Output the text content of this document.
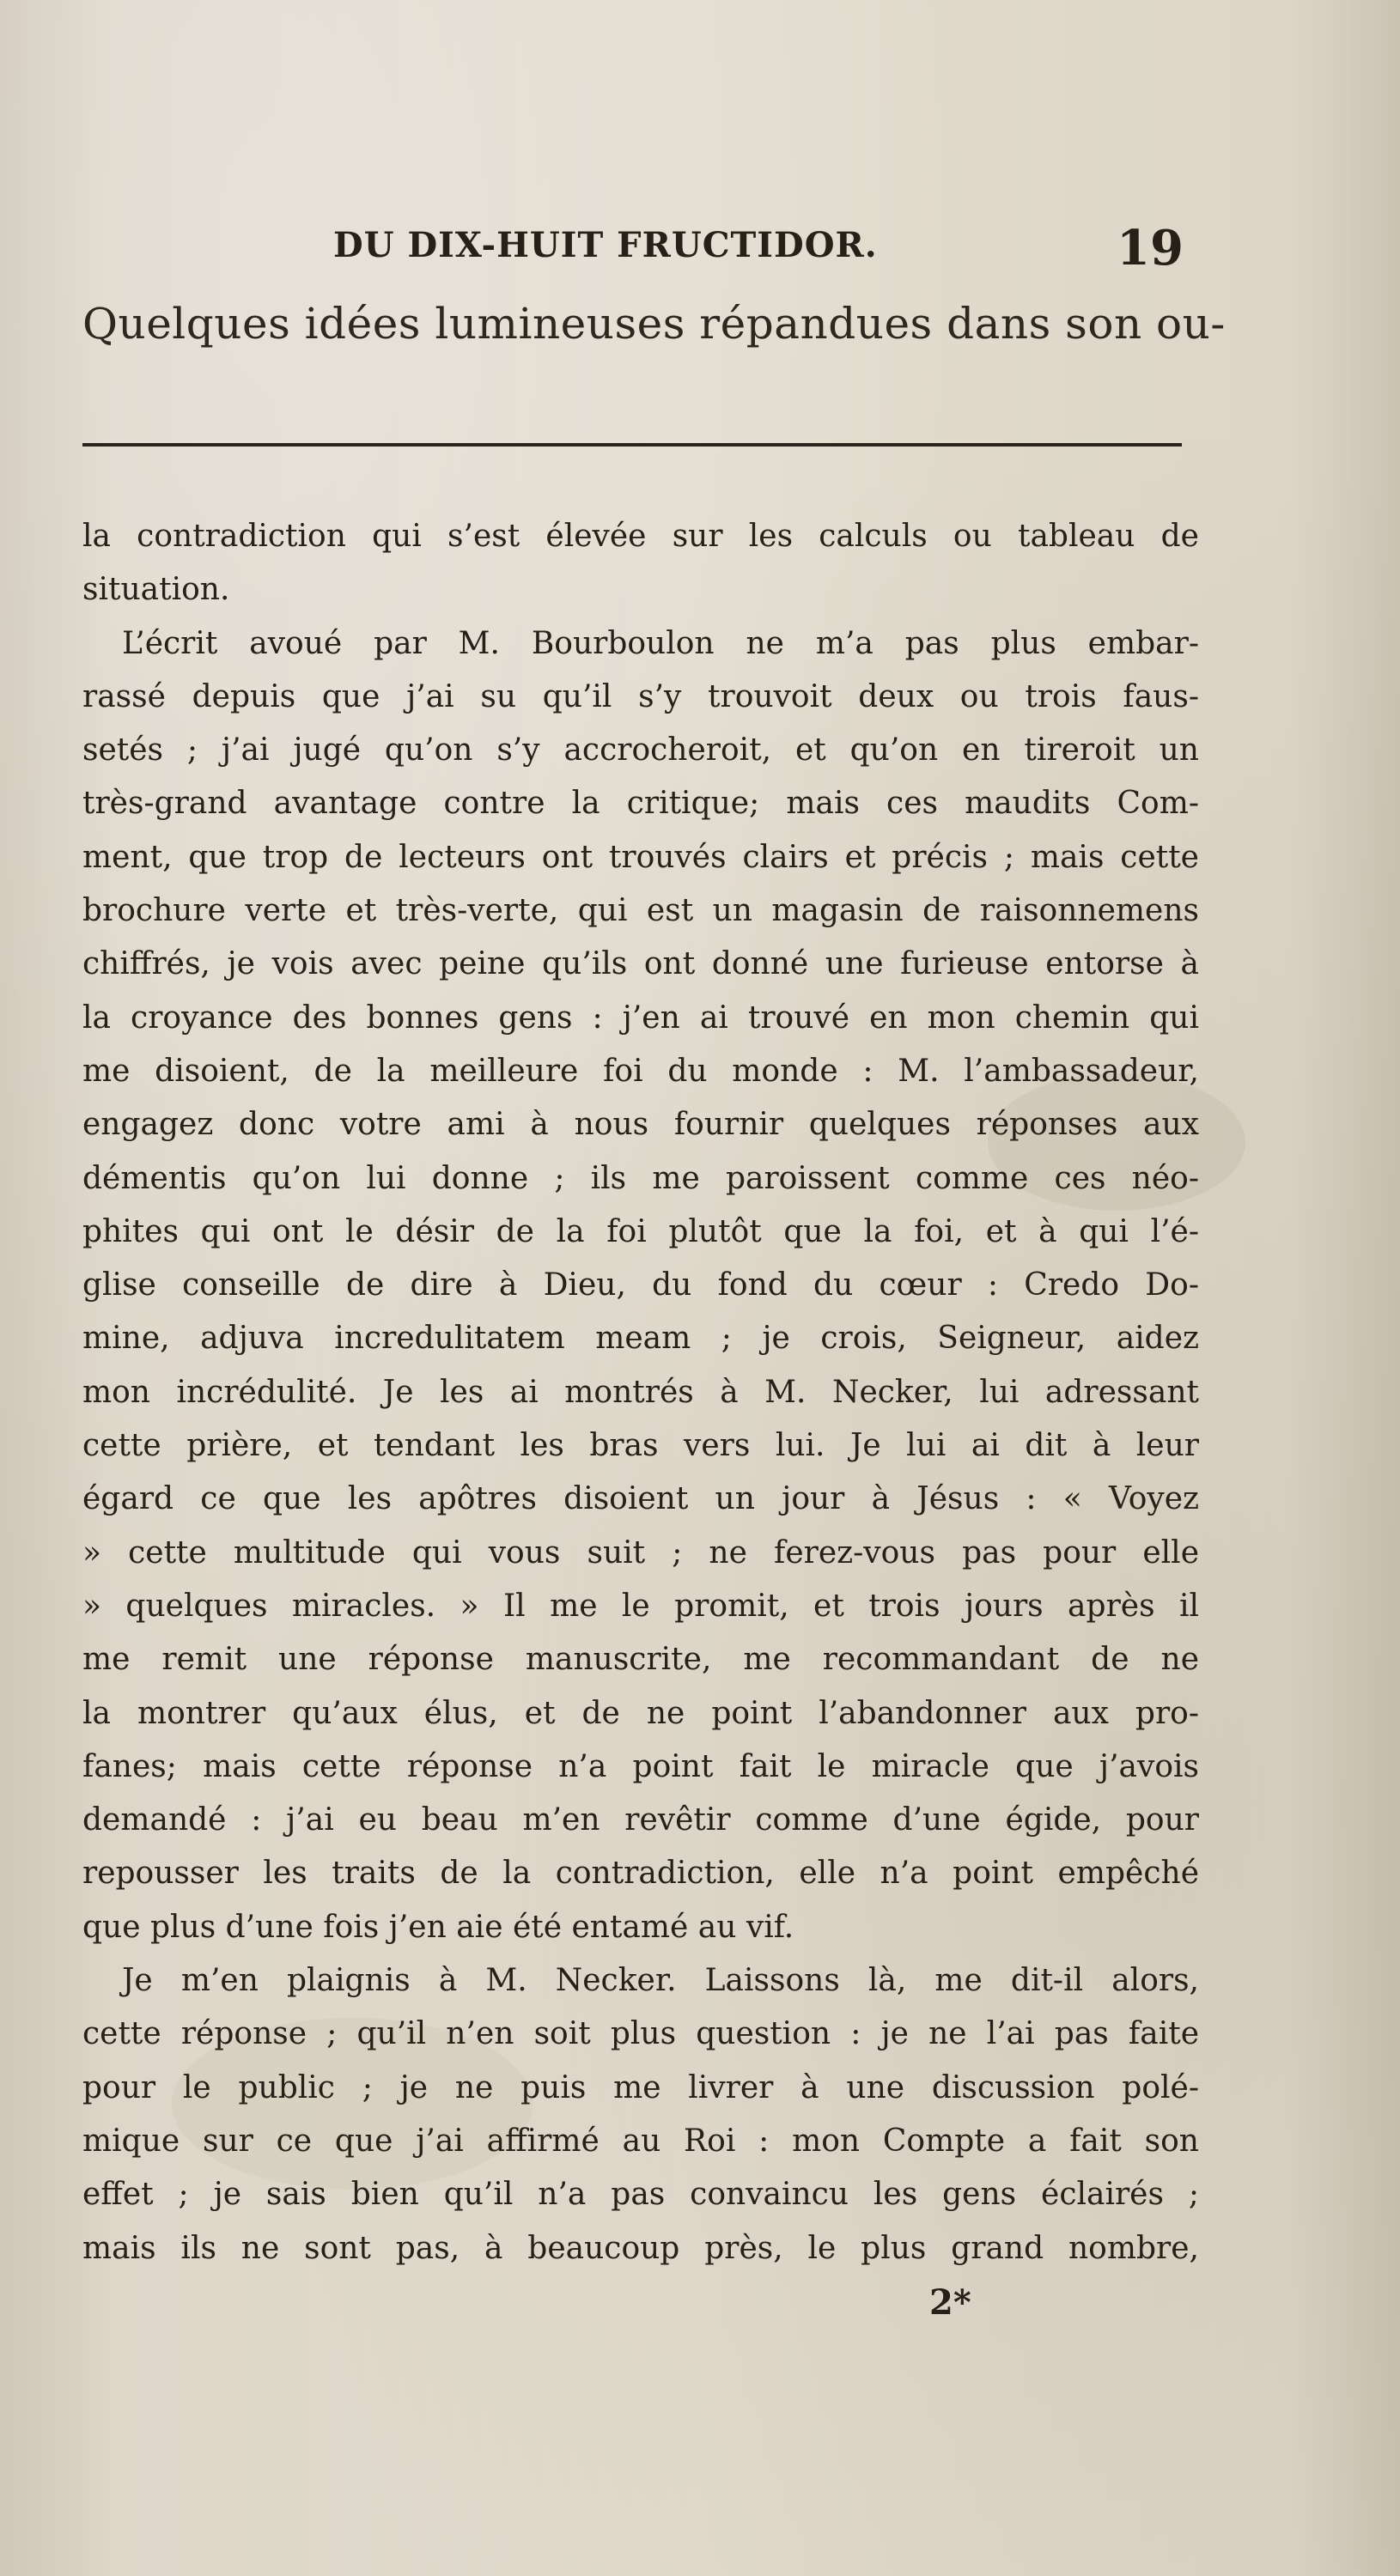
DU DIX-HUIT FRUCTIDOR.	19
Quelques idées lumineuses répandues dans son ou-
la contradiction qui s’est élevée sur les calculs ou tableau de
situation.
L’écrit avoué par M. Bourboulon ne m’a pas plus embar-
rassé depuis que j’ai su qu’il s’y trouvoit deux ou trois faus-
setés ; j’ai jugé qu’on s’y accrocheroit, et qu’on en tireroit un
très-grand avantage contre la critique; mais ces maudits Com-
ment, que trop de lecteurs ont trouvés clairs et précis ; mais cette
brochure verte et très-verte, qui est un magasin de raisonnemens
chiffrés, je vois avec peine qu’ils ont donné une furieuse entorse à
la croyance des bonnes gens : j’en ai trouvé en mon chemin qui
me disoient, de la meilleure foi du monde : M. l’ambassadeur,
engagez donc votre ami à nous fournir quelques réponses aux
démentis qu’on lui donne ; ils me paroissent comme ces néo-
phites qui ont le désir de la foi plutôt que la foi, et à qui l’é-
glise conseille de dire à Dieu, du fond du cœur : Credo Do-
mine, adjuva incredulitatem meam ; je crois, Seigneur, aidez
mon incrédulité. Je les ai montrés à M. Necker, lui adressant
cette prière, et tendant les bras vers lui. Je lui ai dit à leur
égard ce que les apôtres disoient un jour à Jésus : « Voyez
» cette multitude qui vous suit ; ne ferez-vous pas pour elle
» quelques miracles. » Il me le promit, et trois jours après il
me remit une réponse manuscrite, me recommandant de ne
la montrer qu’aux élus, et de ne point l’abandonner aux pro-
fanes; mais cette réponse n’a point fait le miracle que j’avois
demandé : j’ai eu beau m’en revêtir comme d’une égide, pour
repousser les traits de la contradiction, elle n’a point empêché
que plus d’une fois j’en aie été entamé au vif.
Je m’en plaignis à M. Necker. Laissons là, me dit-il alors,
cette réponse ; qu’il n’en soit plus question : je ne l’ai pas faite
pour le public ; je ne puis me livrer à une discussion polé-
mique sur ce que j’ai affirmé au Roi : mon Compte a fait son
effet ; je sais bien qu’il n’a pas convaincu les gens éclairés ;
mais ils ne sont pas, à beaucoup près, le plus grand nombre,
2*
